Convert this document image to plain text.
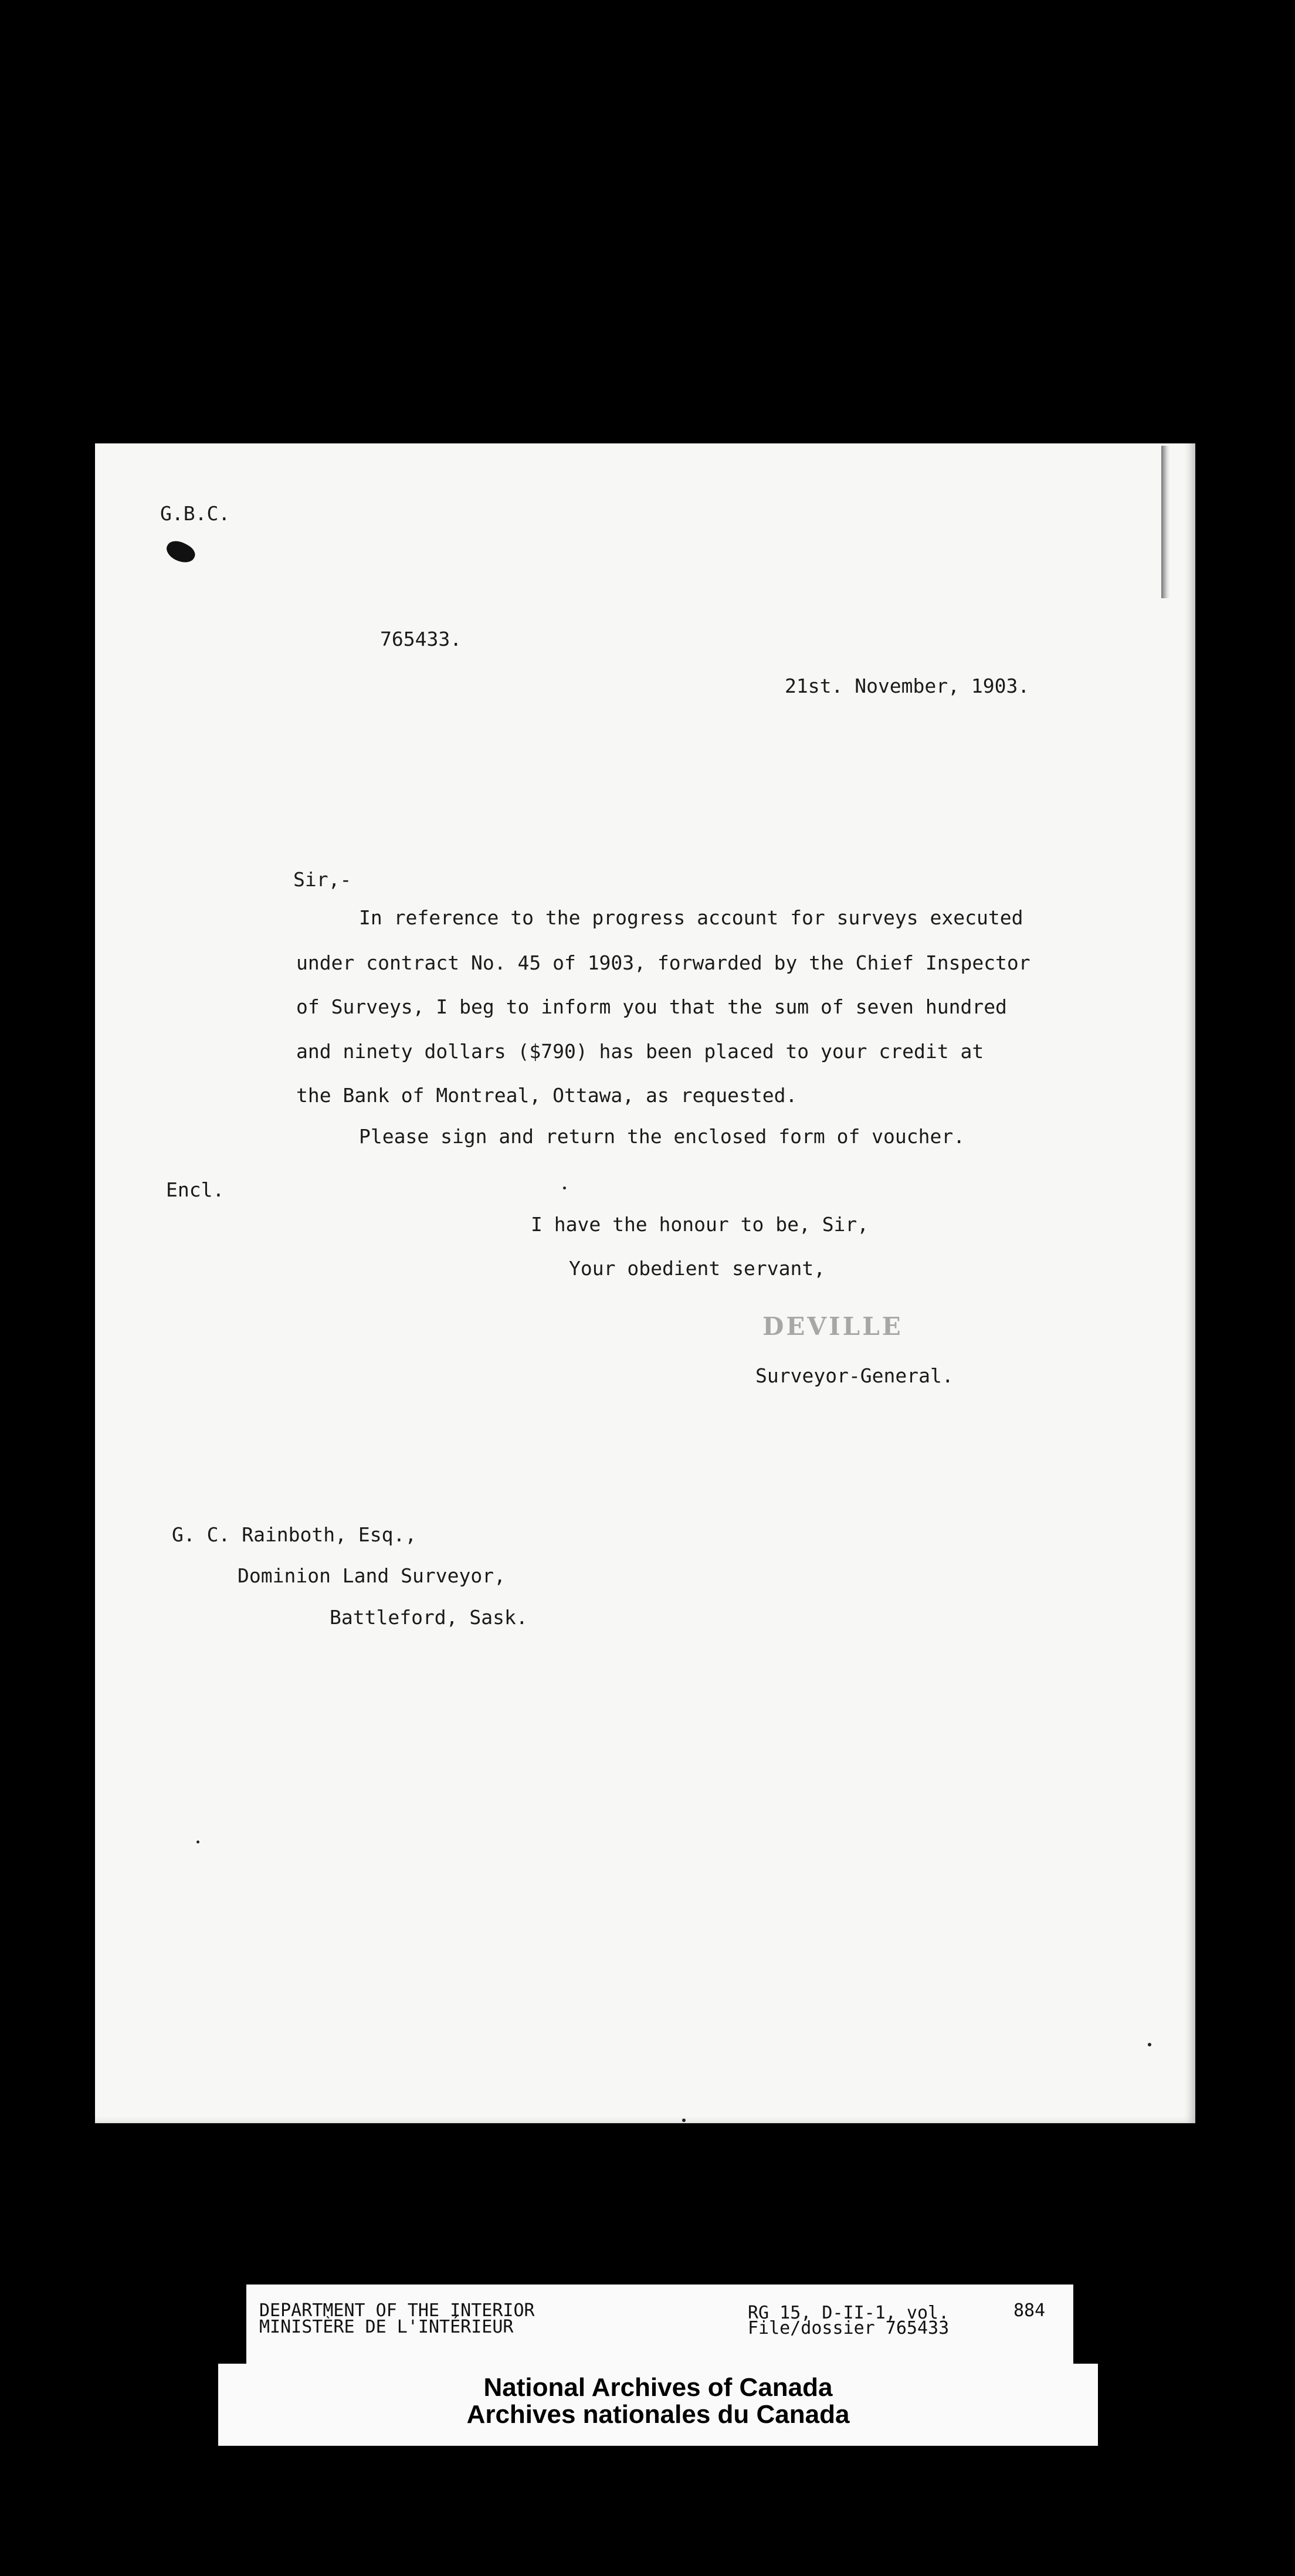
G.B.C.
765433.
21st. November, 1903.
Sir,-
In reference to the progress account for surveys executed
under contract No. 45 of 1903, forwarded by the Chief Inspector
of Surveys, I beg to inform you that the sum of seven hundred
and ninety dollars ($790) has been placed to your credit at
the Bank of Montreal, Ottawa, as requested.
Please sign and return the enclosed form of voucher.
Encl.
I have the honour to be, Sir,
Your obedient servant,
DEVILLE
Surveyor-General.
G. C. Rainboth, Esq.,
Dominion Land Surveyor,
Battleford, Sask.
DEPARTMENT OF THE INTERIOR
MINISTÈRE DE L'INTÉRIEUR
RG 15, D-II-1, vol.	884
File/dossier 765433
National Archives of Canada
Archives nationales du Canada
